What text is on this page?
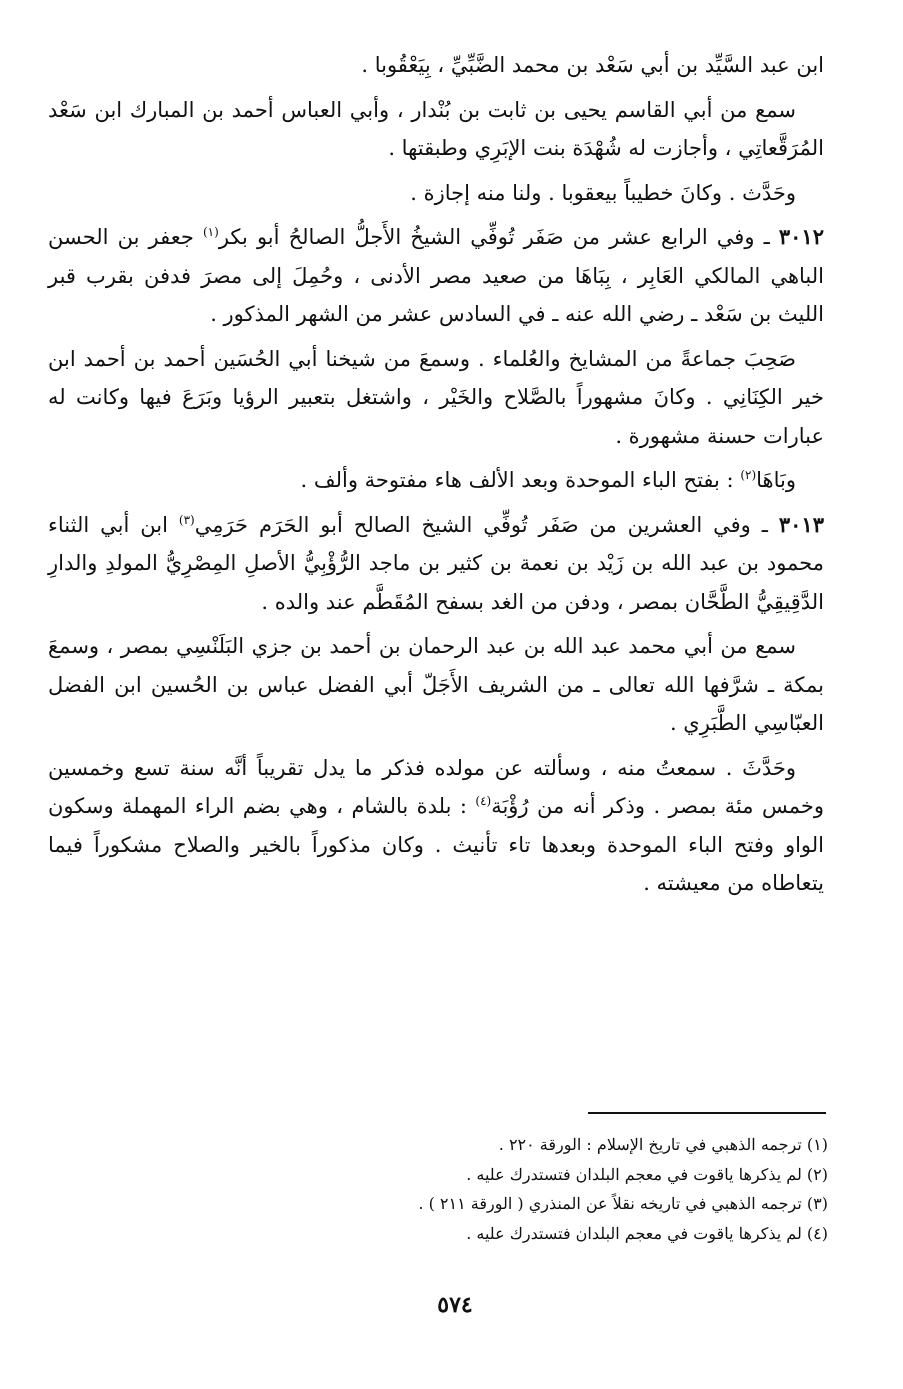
ابن عبد السَّيِّد بن أبي سَعْد بن محمد الضَّبِّيِّ ، بِيَعْقُوبا .

سمع من أبي القاسم يحيى بن ثابت بن بُنْدار ، وأبي العباس أحمد بن المبارك ابن سَعْد المُرَقَّعاتِي ، وأجازت له شُهْدَة بنت الإبَرِي وطبقتها .

وحَدَّث . وكانَ خطيباً بيعقوبا . ولنا منه إجازة .

٣٠١٢ ـ وفي الرابع عشر من صَفَر تُوفِّي الشيخُ الأَجلُّ الصالحُ أبو بكر$^{(١)}$ جعفر بن الحسن الباهي المالكي العَابِر ، بِبَاهَا من صعيد مصر الأدنى ، وحُمِلَ إلى مصرَ فدفن بقرب قبر الليث بن سَعْد ـ رضي الله عنه ـ في السادس عشر من الشهر المذكور .

صَحِبَ جماعةً من المشايخ والعُلماء . وسمعَ من شيخنا أبي الحُسَين أحمد بن أحمد ابن خير الكِنَانِي . وكانَ مشهوراً بالصَّلاح والخَيْر ، واشتغل بتعبير الرؤيا وبَرَعَ فيها وكانت له عبارات حسنة مشهورة .

وبَاهَا$^{(٢)}$ : بفتح الباء الموحدة وبعد الألف هاء مفتوحة وألف .

٣٠١٣ ـ وفي العشرين من صَفَر تُوفِّي الشيخ الصالح أبو الحَرَم حَرَمِي$^{(٣)}$ ابن أبي الثناء محمود بن عبد الله بن زَيْد بن نعمة بن كثير بن ماجد الرُّؤْبِيُّ الأصلِ المِصْرِيُّ المولدِ والدارِ الدَّقِيقِيُّ الطَّحَّان بمصر ، ودفن من الغد بسفح المُقَطَّم عند والده .

سمع من أبي محمد عبد الله بن عبد الرحمان بن أحمد بن جزي البَلَنْسِي بمصر ، وسمعَ بمكة ـ شرَّفها الله تعالى ـ من الشريف الأَجَلّ أبي الفضل عباس بن الحُسين ابن الفضل العبّاسِي الطَّبَرِي .

وحَدَّثَ . سمعتُ منه ، وسألته عن مولده فذكر ما يدل تقريباً أنَّه سنة تسع وخمسين وخمس مئة بمصر . وذكر أنه من رُؤْبَة$^{(٤)}$ : بلدة بالشام ، وهي بضم الراء المهملة وسكون الواو وفتح الباء الموحدة وبعدها تاء تأنيث . وكان مذكوراً بالخير والصلاح مشكوراً فيما يتعاطاه من معيشته .

(١) ترجمه الذهبي في تاريخ الإسلام : الورقة ٢٢٠ .
(٢) لم يذكرها ياقوت في معجم البلدان فتستدرك عليه .
(٣) ترجمه الذهبي في تاريخه نقلاً عن المنذري ( الورقة ٢١١ ) .
(٤) لم يذكرها ياقوت في معجم البلدان فتستدرك عليه .
٥٧٤
